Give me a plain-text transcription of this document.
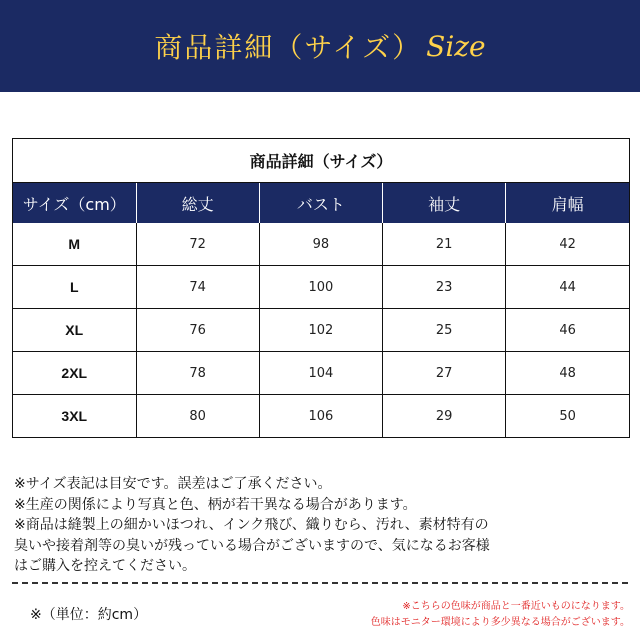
商品詳細（サイズ） Size
商品詳細（サイズ）
サイズ（cm）	総丈	バスト	袖丈	肩幅
M	72	98	21	42
L	74	100	23	44
XL	76	102	25	46
2XL	78	104	27	48
3XL	80	106	29	50
※サイズ表記は目安です。誤差はご了承ください。
※生産の関係により写真と色、柄が若干異なる場合があります。
※商品は縫製上の細かいほつれ、インク飛び、織りむら、汚れ、素材特有の
臭いや接着剤等の臭いが残っている場合がございますので、気になるお客様
はご購入を控えてください。
※（単位：約cm）
※こちらの色味が商品と一番近いものになります。
色味はモニター環境により多少異なる場合がございます。
